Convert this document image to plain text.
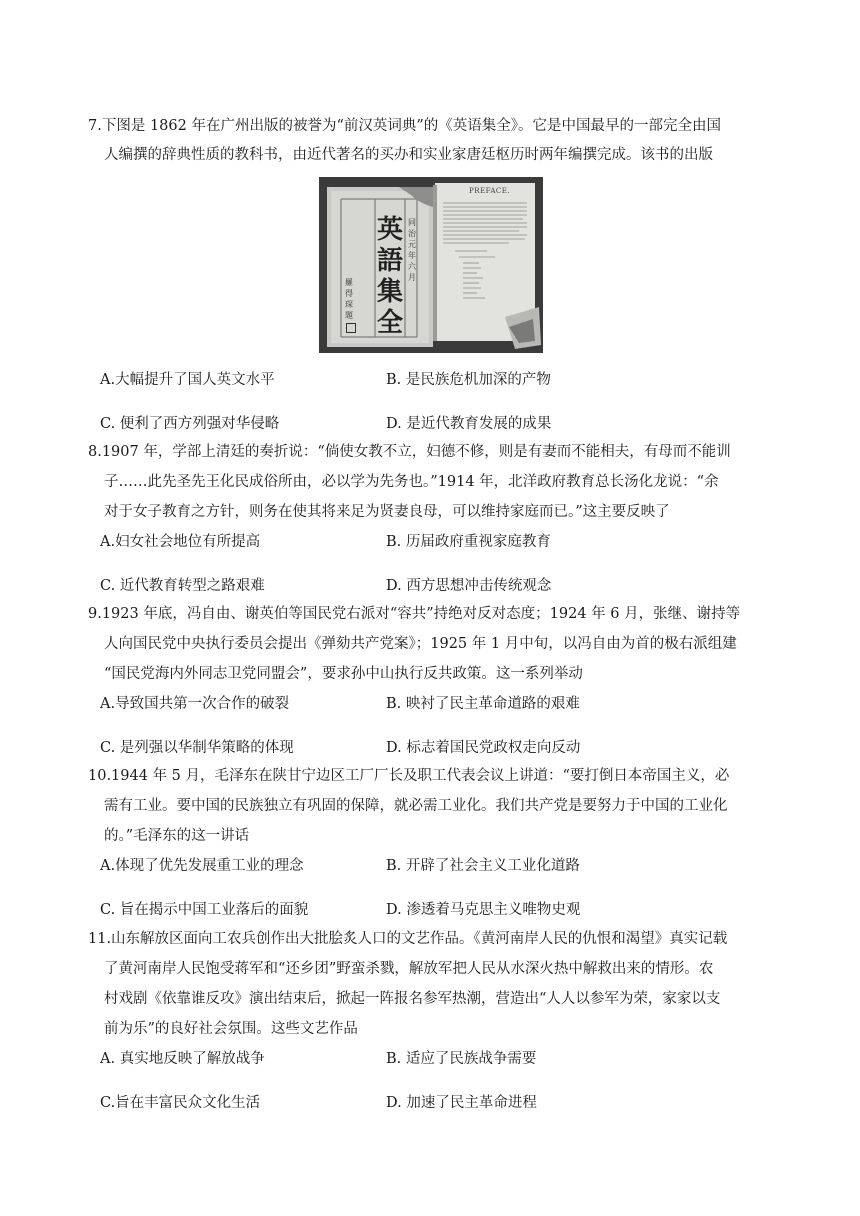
7.下图是 1862 年在广州出版的被誉为“前汉英词典”的《英语集全》。它是中国最早的一部完全由国
人编撰的辞典性质的教科书，由近代著名的买办和实业家唐廷枢历时两年编撰完成。该书的出版
英
語
集
全
同治元年六月
羅得琛題
PREFACE.
A.大幅提升了国人英文水平	B. 是民族危机加深的产物
C. 便利了西方列强对华侵略	D. 是近代教育发展的成果
8.1907 年，学部上清廷的奏折说：“倘使女教不立，妇德不修，则是有妻而不能相夫，有母而不能训
子……此先圣先王化民成俗所由，必以学为先务也。”1914 年，北洋政府教育总长汤化龙说：“余
对于女子教育之方针，则务在使其将来足为贤妻良母，可以维持家庭而已。”这主要反映了
A.妇女社会地位有所提高	B. 历届政府重视家庭教育
C. 近代教育转型之路艰难	D. 西方思想冲击传统观念
9.1923 年底，冯自由、谢英伯等国民党右派对“容共”持绝对反对态度；1924 年 6 月，张继、谢持等
人向国民党中央执行委员会提出《弹劾共产党案》；1925 年 1 月中旬，以冯自由为首的极右派组建
“国民党海内外同志卫党同盟会”，要求孙中山执行反共政策。这一系列举动
A.导致国共第一次合作的破裂	B. 映衬了民主革命道路的艰难
C. 是列强以华制华策略的体现	D. 标志着国民党政权走向反动
10.1944 年 5 月，毛泽东在陕甘宁边区工厂厂长及职工代表会议上讲道：“要打倒日本帝国主义，必
需有工业。要中国的民族独立有巩固的保障，就必需工业化。我们共产党是要努力于中国的工业化
的。”毛泽东的这一讲话
A.体现了优先发展重工业的理念	B. 开辟了社会主义工业化道路
C. 旨在揭示中国工业落后的面貌	D. 渗透着马克思主义唯物史观
11.山东解放区面向工农兵创作出大批脍炙人口的文艺作品。《黄河南岸人民的仇恨和渴望》真实记载
了黄河南岸人民饱受蒋军和“还乡团”野蛮杀戮，解放军把人民从水深火热中解救出来的情形。农
村戏剧《依靠谁反攻》演出结束后，掀起一阵报名参军热潮，营造出“人人以参军为荣，家家以支
前为乐”的良好社会氛围。这些文艺作品
A. 真实地反映了解放战争	B. 适应了民族战争需要
C.旨在丰富民众文化生活	D. 加速了民主革命进程
